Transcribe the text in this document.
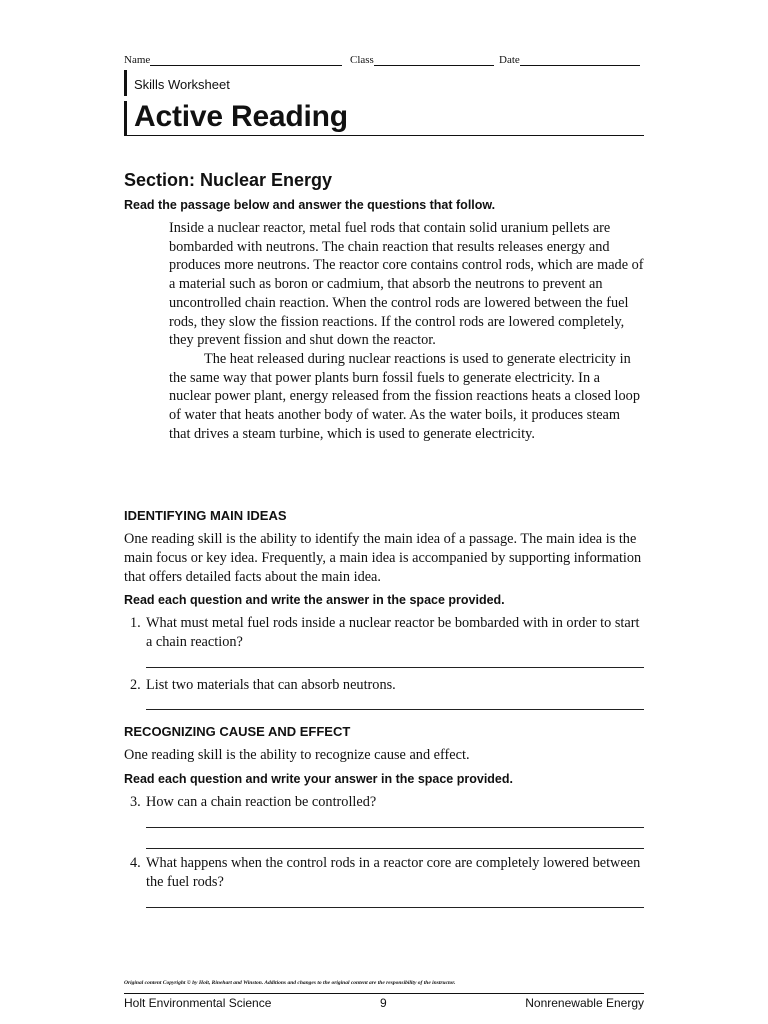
Name	Class	Date
Skills Worksheet
Active Reading
Section: Nuclear Energy
Read the passage below and answer the questions that follow.

Inside a nuclear reactor, metal fuel rods that contain solid uranium pellets are bombarded with neutrons. The chain reaction that results releases energy and produces more neutrons. The reactor core contains control rods, which are made of a material such as boron or cadmium, that absorb the neutrons to prevent an uncontrolled chain reaction. When the control rods are lowered between the fuel rods, they slow the fission reactions. If the control rods are lowered completely, they prevent fission and shut down the reactor.

The heat released during nuclear reactions is used to generate electricity in the same way that power plants burn fossil fuels to generate electricity. In a nuclear power plant, energy released from the fission reactions heats a closed loop of water that heats another body of water. As the water boils, it produces steam that drives a steam turbine, which is used to generate electricity.

IDENTIFYING MAIN IDEAS
One reading skill is the ability to identify the main idea of a passage. The main idea is the main focus or key idea. Frequently, a main idea is accompanied by supporting information that offers detailed facts about the main idea.
Read each question and write the answer in the space provided.
1. What must metal fuel rods inside a nuclear reactor be bombarded with in order to start a chain reaction?
2. List two materials that can absorb neutrons.
RECOGNIZING CAUSE AND EFFECT
One reading skill is the ability to recognize cause and effect.
Read each question and write your answer in the space provided.
3. How can a chain reaction be controlled?
4. What happens when the control rods in a reactor core are completely lowered between the fuel rods?
Original content Copyright © by Holt, Rinehart and Winston. Additions and changes to the original content are the responsibility of the instructor.
Holt Environmental Science	9	Nonrenewable Energy
